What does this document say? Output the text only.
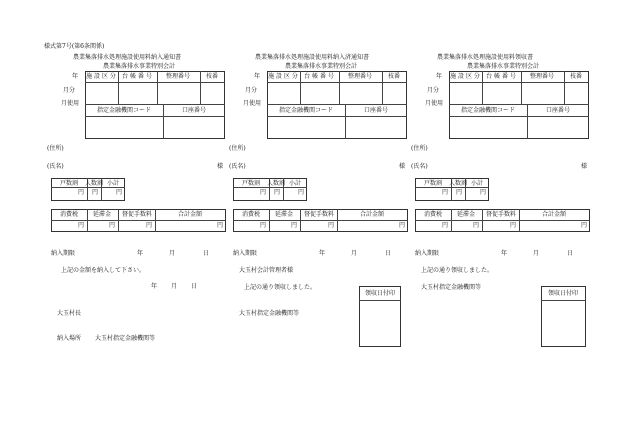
様式第7号(第6条関係)
農業集落排水処理施設使用料納入通知書
農業集落排水事業特別会計
年
月分
月使用
施 設 区 分 台 帳 番 号 整理番号	枝番
指定金融機関コード	口座番号
(住所)
(氏名)	様
戸数割 人数割 小計
円 円	円
消費税 延滞金 督促手数料	合計金額
円	円	円	円
納入期限	年	月	日
農業集落排水処理施設使用料納入済通知書
農業集落排水事業特別会計
年
月分
月使用
施 設 区 分 台 帳 番 号 整理番号	枝番
指定金融機関コード	口座番号
(住所)
(氏名)	様
戸数割 人数割 小計
円 円	円
消費税 延滞金 督促手数料	合計金額
円	円	円	円
納入期限	年	月	日
農業集落排水処理施設使用料領収書
農業集落排水事業特別会計
年
月分
月使用
施 設 区 分 台 帳 番 号 整理番号	枝番
指定金融機関コード	口座番号
(住所)
(氏名)	様
戸数割 人数割 小計
円 円	円
消費税 延滞金 督促手数料	合計金額
円	円	円	円
納入期限	年	月	日
上記の金額を納入して下さい。
年 月 日
大玉村長
納入場所 大玉村指定金融機関等
大玉村会計管理者様
上記の通り領収しました。
大玉村指定金融機関等
領収日付印
上記の通り領収しました。
大玉村指定金融機関等
領収日付印
